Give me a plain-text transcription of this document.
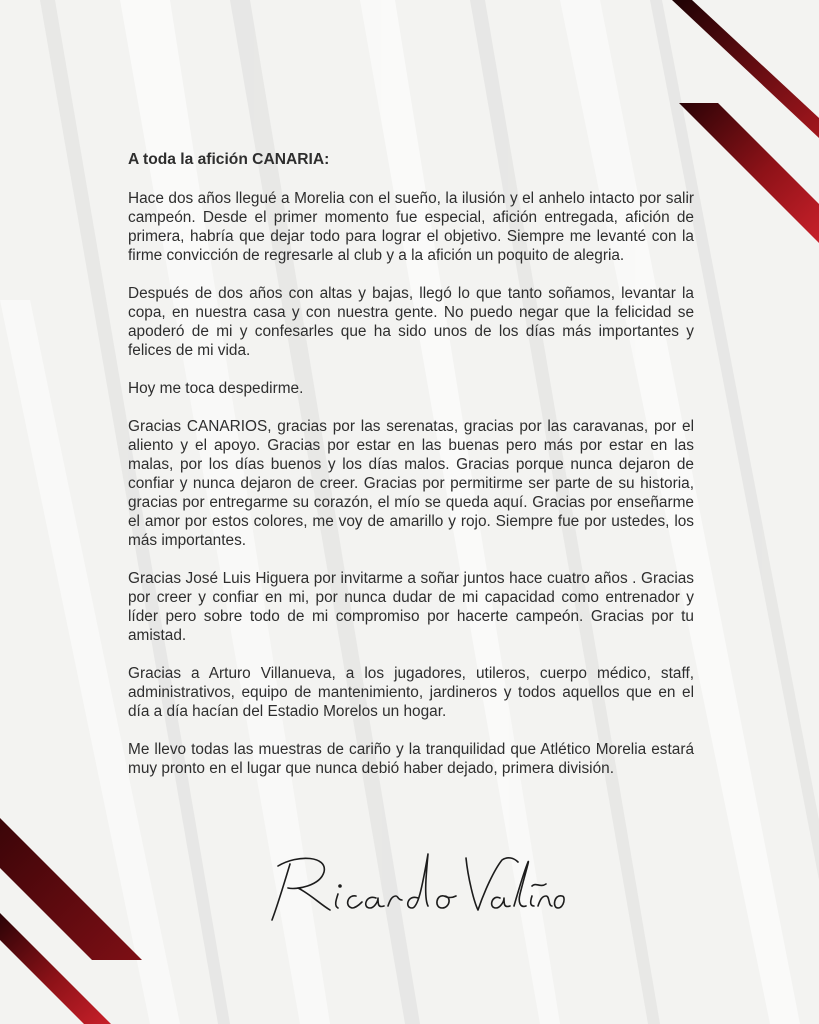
A toda la afición CANARIA:

Hace dos años llegué a Morelia con el sueño, la ilusión y el anhelo intacto por salir campeón. Desde el primer momento fue especial, afición entregada, afición de primera, habría que dejar todo para lograr el objetivo. Siempre me levanté con la firme convicción de regresarle al club y a la afición un poquito de alegria.

Después de dos años con altas y bajas, llegó lo que tanto soñamos, levantar la copa, en nuestra casa y con nuestra gente. No puedo negar que la felicidad se apoderó de mi y confesarles que ha sido unos de los días más importantes y felices de mi vida.

Hoy me toca despedirme.

Gracias CANARIOS, gracias por las serenatas, gracias por las caravanas, por el aliento y el apoyo. Gracias por estar en las buenas pero más por estar en las malas, por los días buenos y los días malos. Gracias porque nunca dejaron de confiar y nunca dejaron de creer. Gracias por permitirme ser parte de su historia, gracias por entregarme su corazón, el mío se queda aquí. Gracias por enseñarme el amor por estos colores, me voy de amarillo y rojo. Siempre fue por ustedes, los más importantes.

Gracias José Luis Higuera por invitarme a soñar juntos hace cuatro años . Gracias por creer y confiar en mi, por nunca dudar de mi capacidad como entrenador y líder pero sobre todo de mi compromiso por hacerte campeón. Gracias por tu amistad.

Gracias a Arturo Villanueva, a los jugadores, utileros, cuerpo médico, staff, administrativos, equipo de mantenimiento, jardineros y todos aquellos que en el día a día hacían del Estadio Morelos un hogar.

Me llevo todas las muestras de cariño y la tranquilidad que Atlético Morelia estará muy pronto en el lugar que nunca debió haber dejado, primera división.
